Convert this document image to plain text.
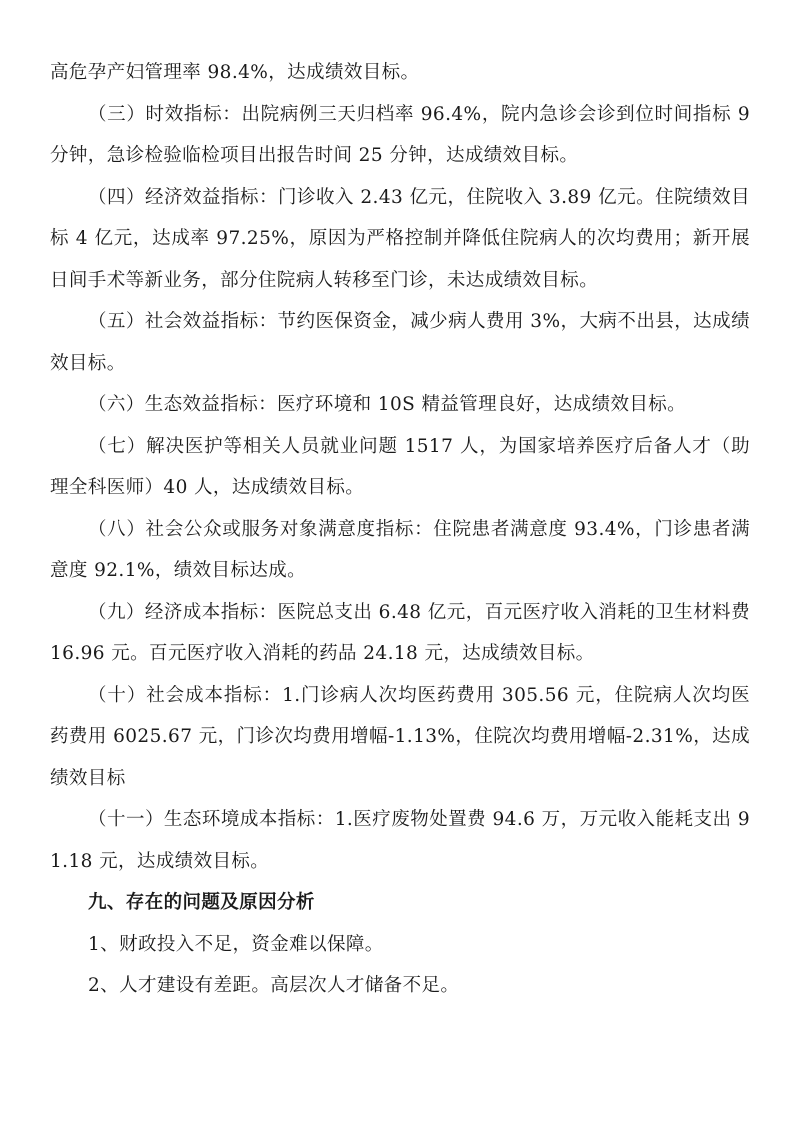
高危孕产妇管理率 98.4%，达成绩效目标。

（三）时效指标：出院病例三天归档率 96.4%，院内急诊会诊到位时间指标 9 分钟，急诊检验临检项目出报告时间 25 分钟，达成绩效目标。

（四）经济效益指标：门诊收入 2.43 亿元，住院收入 3.89 亿元。住院绩效目标 4 亿元，达成率 97.25%，原因为严格控制并降低住院病人的次均费用；新开展日间手术等新业务，部分住院病人转移至门诊，未达成绩效目标。

（五）社会效益指标：节约医保资金，减少病人费用 3%，大病不出县，达成绩效目标。

（六）生态效益指标：医疗环境和 10S 精益管理良好，达成绩效目标。

（七）解决医护等相关人员就业问题 1517 人，为国家培养医疗后备人才（助理全科医师）40 人，达成绩效目标。

（八）社会公众或服务对象满意度指标：住院患者满意度 93.4%，门诊患者满意度 92.1%，绩效目标达成。

（九）经济成本指标：医院总支出 6.48 亿元，百元医疗收入消耗的卫生材料费 16.96 元。百元医疗收入消耗的药品 24.18 元，达成绩效目标。

（十）社会成本指标：1.门诊病人次均医药费用 305.56 元，住院病人次均医药费用 6025.67 元，门诊次均费用增幅-1.13%，住院次均费用增幅-2.31%，达成绩效目标

（十一）生态环境成本指标：1.医疗废物处置费 94.6 万，万元收入能耗支出 91.18 元，达成绩效目标。

九、存在的问题及原因分析

1、财政投入不足，资金难以保障。

2、人才建设有差距。高层次人才储备不足。
